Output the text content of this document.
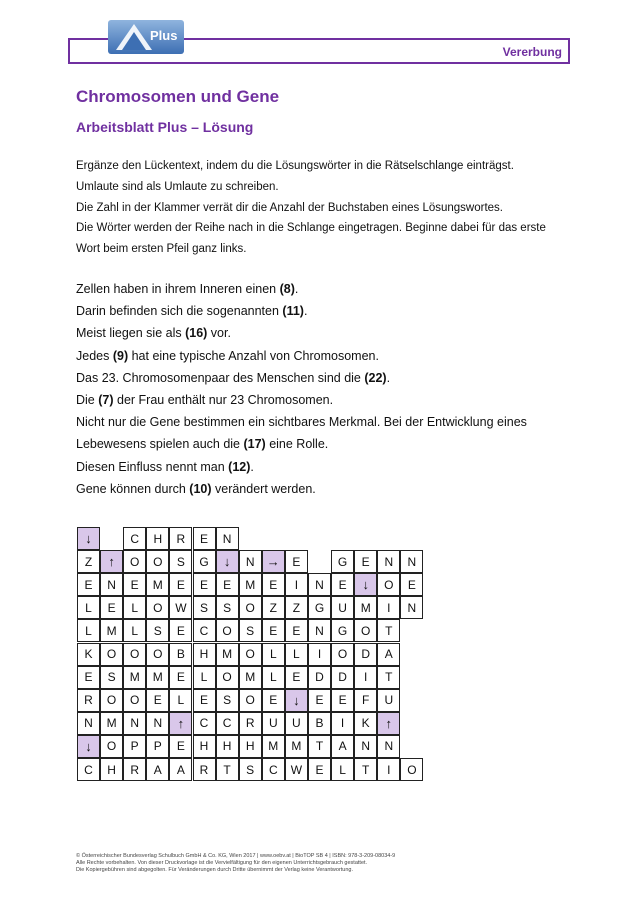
Vererbung
Plus
Chromosomen und Gene
Arbeitsblatt Plus – Lösung

Ergänze den Lückentext, indem du die Lösungswörter in die Rätselschlange einträgst.

Umlaute sind als Umlaute zu schreiben.

Die Zahl in der Klammer verrät dir die Anzahl der Buchstaben eines Lösungswortes.

Die Wörter werden der Reihe nach in die Schlange eingetragen. Beginne dabei für das erste

Wort beim ersten Pfeil ganz links.

Zellen haben in ihrem Inneren einen (8).

Darin befinden sich die sogenannten (11).

Meist liegen sie als (16) vor.

Jedes (9) hat eine typische Anzahl von Chromosomen.

Das 23. Chromosomenpaar des Menschen sind die (22).

Die (7) der Frau enthält nur 23 Chromosomen.

Nicht nur die Gene bestimmen ein sichtbares Merkmal. Bei der Entwicklung eines

Lebewesens spielen auch die (17) eine Rolle.

Diesen Einfluss nennt man (12).

Gene können durch (10) verändert werden.

↓
Z
E
L
L
K
E
R
N
↓
C
↑
N
E
M
O
S
O
M
O
H
C
O
E
L
L
O
M
O
N
P
R
H
O
M
O
S
O
M
E
N
P
A
R
S
E
W
E
B
E
L
↑
E
A
E
G
E
S
C
H
L
E
C
H
R
N
↓
E
S
O
M
O
S
C
H
T
N
M
O
S
O
M
O
R
H
S
→
E
Z
E
L
L
E
U
M
C
E
I
Z
E
L
E
↓
U
M
W
N
G
N
I
D
E
B
T
E
G
E
U
G
O
D
E
I
A
L
E
↓
M
O
D
I
F
K
N
T
N
O
I
T
A
T
U
↑
N
I
N
E
N
O
© Österreichischer Bundesverlag Schulbuch GmbH & Co. KG, Wien 2017 | www.oebv.at | BioTOP SB 4 | ISBN: 978-3-209-08034-9
Alle Rechte vorbehalten. Von dieser Druckvorlage ist die Vervielfältigung für den eigenen Unterrichtsgebrauch gestattet.
Die Kopiergebühren sind abgegolten. Für Veränderungen durch Dritte übernimmt der Verlag keine Verantwortung.
